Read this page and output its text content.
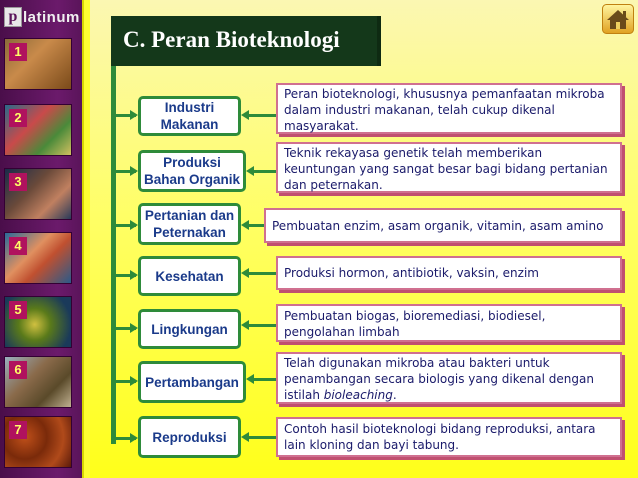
p latinum
1
2
3
4
5
6
7
C. Peran Bioteknologi
Industri
Makanan
Peran bioteknologi, khususnya pemanfaatan mikroba dalam industri makanan, telah cukup dikenal masyarakat.
Produksi
Bahan Organik
Teknik rekayasa genetik telah memberikan keuntungan yang sangat besar bagi bidang pertanian dan peternakan.
Pertanian dan
Peternakan	Pembuatan enzim, asam organik, vitamin, asam amino
Kesehatan	Produksi hormon, antibiotik, vaksin, enzim
Lingkungan
Pembuatan biogas, bioremediasi, biodiesel, pengolahan limbah
Pertambangan
Telah digunakan mikroba atau bakteri untuk penambangan secara biologis yang dikenal dengan istilah bioleaching.
Reproduksi
Contoh hasil bioteknologi bidang reproduksi, antara lain kloning dan bayi tabung.
